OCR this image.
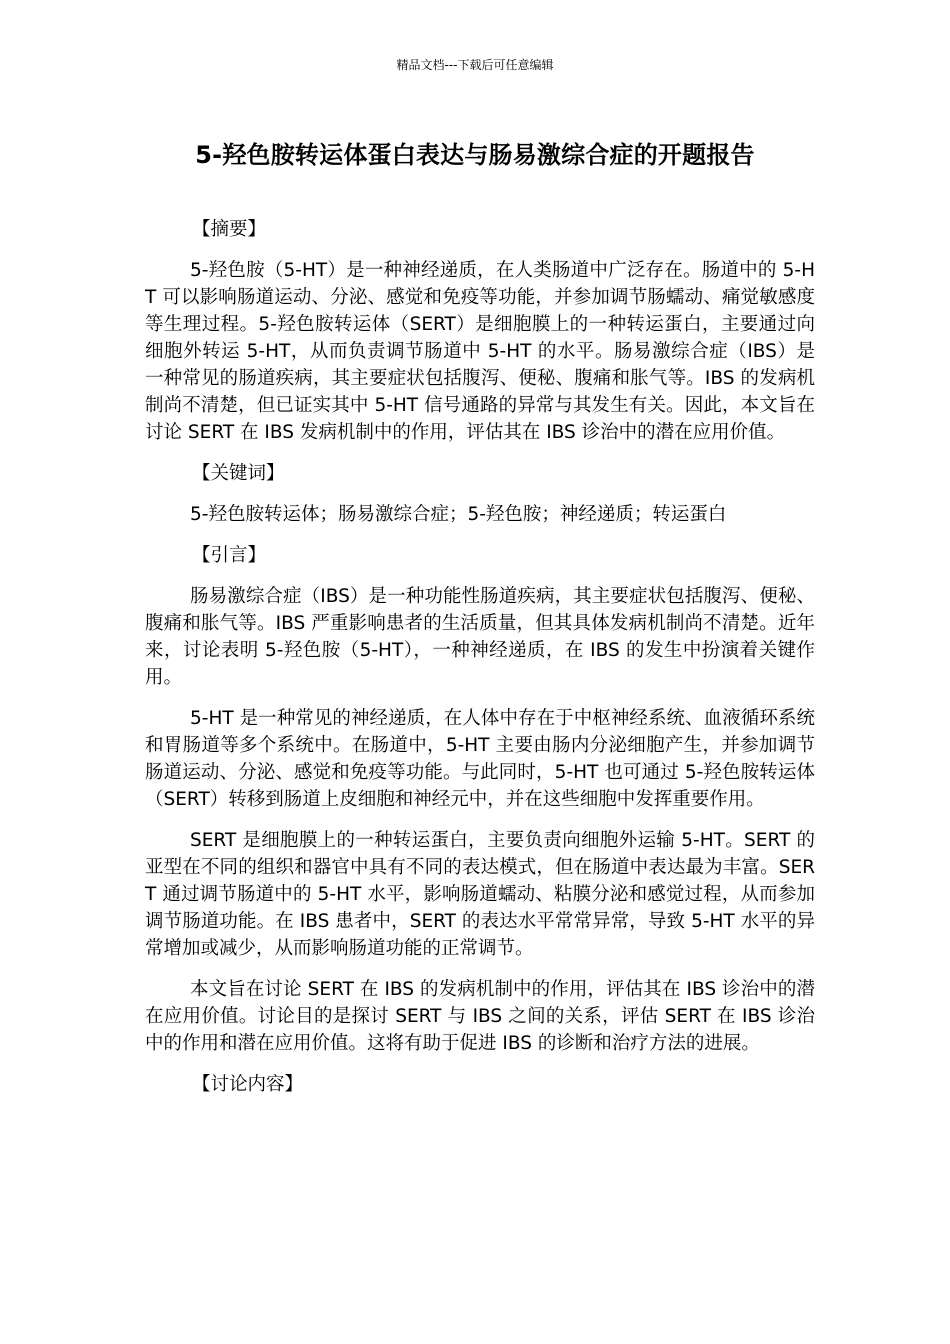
精品文档---下载后可任意编辑
5-羟色胺转运体蛋白表达与肠易激综合症的开题报告
【摘要】

5-羟色胺（5-HT）是一种神经递质，在人类肠道中广泛存在。肠道中的 5-HT 可以影响肠道运动、分泌、感觉和免疫等功能，并参加调节肠蠕动、痛觉敏感度等生理过程。5-羟色胺转运体（SERT）是细胞膜上的一种转运蛋白，主要通过向细胞外转运 5-HT，从而负责调节肠道中 5-HT 的水平。肠易激综合症（IBS）是一种常见的肠道疾病，其主要症状包括腹泻、便秘、腹痛和胀气等。IBS 的发病机制尚不清楚，但已证实其中 5-HT 信号通路的异常与其发生有关。因此，本文旨在讨论 SERT 在 IBS 发病机制中的作用，评估其在 IBS 诊治中的潜在应用价值。

【关键词】

5-羟色胺转运体；肠易激综合症；5-羟色胺；神经递质；转运蛋白

【引言】

肠易激综合症（IBS）是一种功能性肠道疾病，其主要症状包括腹泻、便秘、腹痛和胀气等。IBS 严重影响患者的生活质量，但其具体发病机制尚不清楚。近年来，讨论表明 5-羟色胺（5-HT），一种神经递质，在 IBS 的发生中扮演着关键作用。

5-HT 是一种常见的神经递质，在人体中存在于中枢神经系统、血液循环系统和胃肠道等多个系统中。在肠道中，5-HT 主要由肠内分泌细胞产生，并参加调节肠道运动、分泌、感觉和免疫等功能。与此同时，5-HT 也可通过 5-羟色胺转运体（SERT）转移到肠道上皮细胞和神经元中，并在这些细胞中发挥重要作用。

SERT 是细胞膜上的一种转运蛋白，主要负责向细胞外运输 5-HT。SERT 的亚型在不同的组织和器官中具有不同的表达模式，但在肠道中表达最为丰富。SERT 通过调节肠道中的 5-HT 水平，影响肠道蠕动、粘膜分泌和感觉过程，从而参加调节肠道功能。在 IBS 患者中，SERT 的表达水平常常异常，导致 5-HT 水平的异常增加或减少，从而影响肠道功能的正常调节。

本文旨在讨论 SERT 在 IBS 的发病机制中的作用，评估其在 IBS 诊治中的潜在应用价值。讨论目的是探讨 SERT 与 IBS 之间的关系，评估 SERT 在 IBS 诊治中的作用和潜在应用价值。这将有助于促进 IBS 的诊断和治疗方法的进展。

【讨论内容】
